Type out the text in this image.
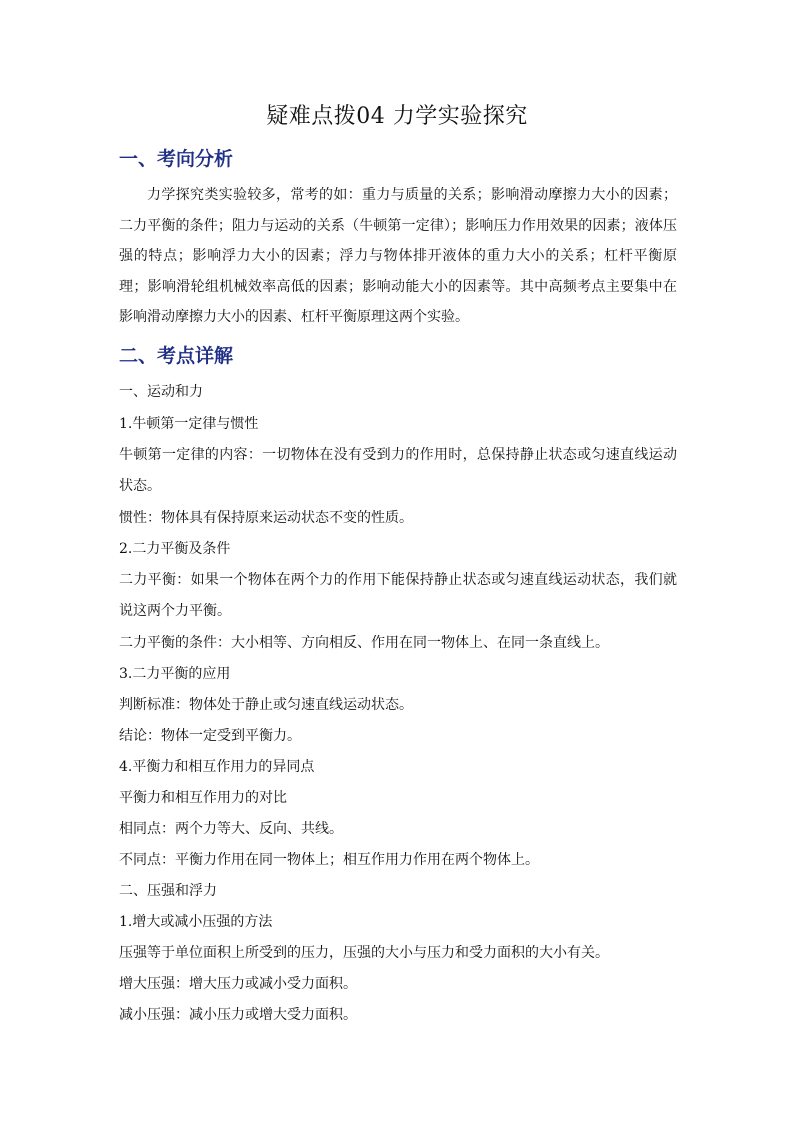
疑难点拨04 力学实验探究
一、考向分析

力学探究类实验较多，常考的如：重力与质量的关系；影响滑动摩擦力大小的因素；二力平衡的条件；阻力与运动的关系（牛顿第一定律）；影响压力作用效果的因素；液体压强的特点；影响浮力大小的因素；浮力与物体排开液体的重力大小的关系；杠杆平衡原理；影响滑轮组机械效率高低的因素；影响动能大小的因素等。其中高频考点主要集中在影响滑动摩擦力大小的因素、杠杆平衡原理这两个实验。

二、考点详解

一、运动和力

1.牛顿第一定律与惯性

牛顿第一定律的内容：一切物体在没有受到力的作用时，总保持静止状态或匀速直线运动状态。

惯性：物体具有保持原来运动状态不变的性质。

2.二力平衡及条件

二力平衡：如果一个物体在两个力的作用下能保持静止状态或匀速直线运动状态，我们就说这两个力平衡。

二力平衡的条件：大小相等、方向相反、作用在同一物体上、在同一条直线上。

3.二力平衡的应用

判断标准：物体处于静止或匀速直线运动状态。

结论：物体一定受到平衡力。

4.平衡力和相互作用力的异同点

平衡力和相互作用力的对比

相同点：两个力等大、反向、共线。

不同点：平衡力作用在同一物体上；相互作用力作用在两个物体上。

二、压强和浮力

1.增大或减小压强的方法

压强等于单位面积上所受到的压力，压强的大小与压力和受力面积的大小有关。

增大压强：增大压力或减小受力面积。

减小压强：减小压力或增大受力面积。
